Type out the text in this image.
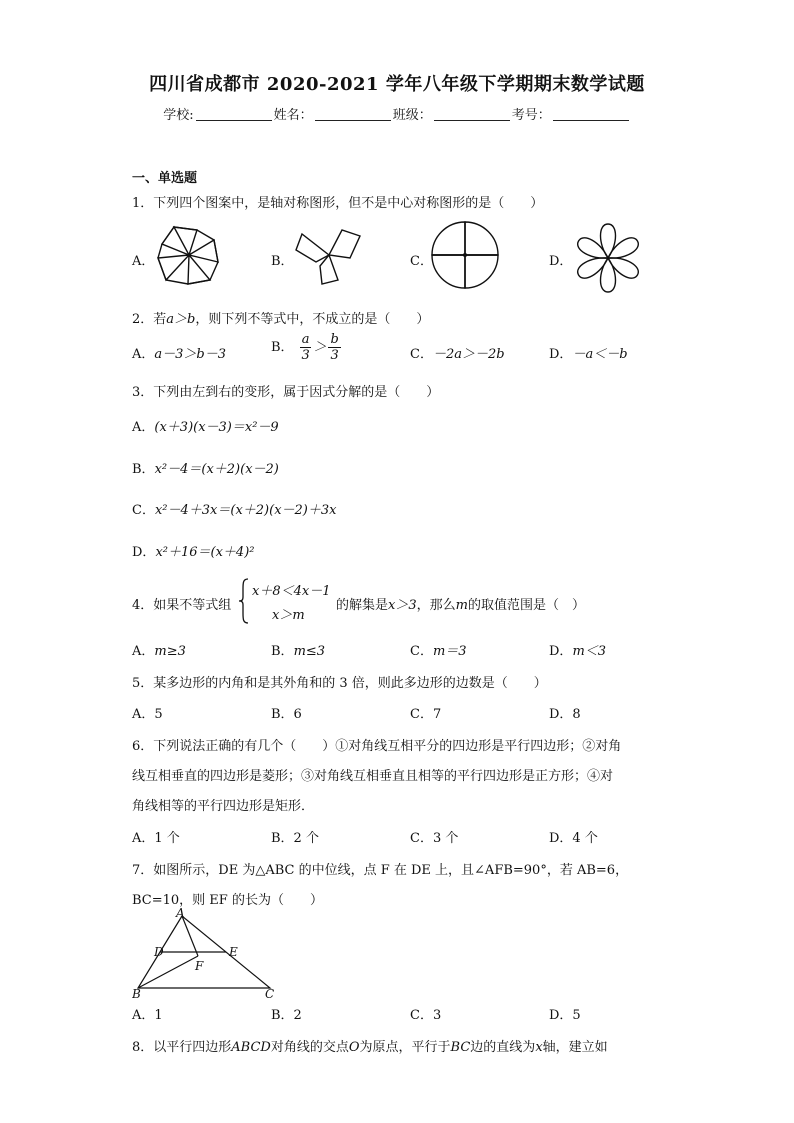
四川省成都市 2020-2021 学年八年级下学期期末数学试题
学校:	姓名：	班级：	考号：
一、单选题
1．下列四个图案中，是轴对称图形，但不是中心对称图形的是（　　）
A．	B．	C．	D．
2．若a＞b，则下列不等式中，不成立的是（　　）
A．a－3＞b－3	B． $\frac{a}{3} > \frac{b}{3}$	C．－2a＞－2b	D．－a＜－b
3．下列由左到右的变形，属于因式分解的是（　　）
A．(x＋3)(x－3)＝x²－9
B．x²－4＝(x＋2)(x－2)
C．x²－4＋3x＝(x＋2)(x－2)＋3x
D．x²＋16＝(x＋4)²
4．如果不等式组
x＋8＜4x－1
x＞m
的解集是x＞3，那么m的取值范围是（　）
A．m≥3	B．m≤3	C．m＝3	D．m＜3
5．某多边形的内角和是其外角和的 3 倍，则此多边形的边数是（　　）
A．5	B．6	C．7	D．8
6．下列说法正确的有几个（　　）①对角线互相平分的四边形是平行四边形；②对角
线互相垂直的四边形是菱形；③对角线互相垂直且相等的平行四边形是正方形；④对
角线相等的平行四边形是矩形．
A．1 个	B．2 个	C．3 个	D．4 个
7．如图所示，DE 为△ABC 的中位线，点 F 在 DE 上，且∠AFB=90°，若 AB=6，
BC=10，则 EF 的长为（　　）
A
D	E
F
B	C
A．1	B．2	C．3	D．5
8．以平行四边形ABCD对角线的交点O为原点，平行于BC边的直线为x轴，建立如
